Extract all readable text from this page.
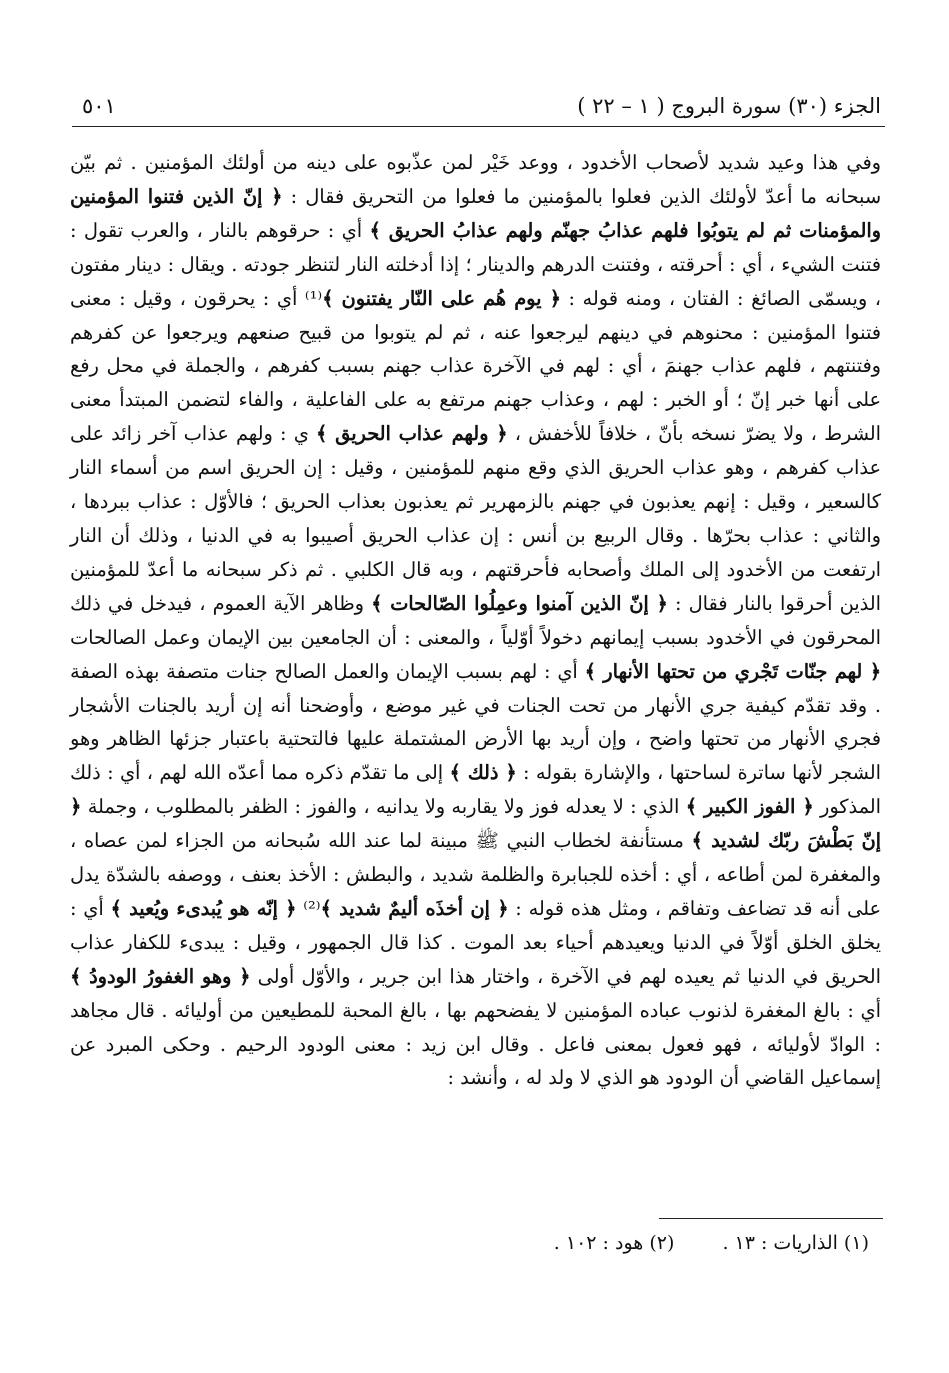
الجزء (٣٠) سورة البروج ( ١ – ٢٢ )
٥٠١

وفي هذا وعيد شديد لأصحاب الأخدود ، ووعد خَيْر لمن عذّبوه على دينه من أولئك المؤمنين . ثم بيّن سبحانه ما أعدّ لأولئك الذين فعلوا بالمؤمنين ما فعلوا من التحريق فقال : ﴿ إنّ الذين فتنوا المؤمنين والمؤمنات ثم لم يتوبُوا فلهم عذابُ جهنّم ولهم عذابُ الحريق ﴾ أي : حرقوهم بالنار ، والعرب تقول : فتنت الشيء ، أي : أحرقته ، وفتنت الدرهم والدينار ؛ إذا أدخلته النار لتنظر جودته . ويقال : دينار مفتون ، ويسمّى الصائغ : الفتان ، ومنه قوله : ﴿ يوم هُم على النّار يفتنون ﴾⁽¹⁾ أي : يحرقون ، وقيل : معنى فتنوا المؤمنين : محنوهم في دينهم ليرجعوا عنه ، ثم لم يتوبوا من قبيح صنعهم ويرجعوا عن كفرهم وفتنتهم ، فلهم عذاب جهنمَ ، أي : لهم في الآخرة عذاب جهنم بسبب كفرهم ، والجملة في محل رفع على أنها خبر إنّ ؛ أو الخبر : لهم ، وعذاب جهنم مرتفع به على الفاعلية ، والفاء لتضمن المبتدأ معنى الشرط ، ولا يضرّ نسخه بأنّ ، خلافاً للأخفش ، ﴿ ولهم عذاب الحريق ﴾ ي : ولهم عذاب آخر زائد على عذاب كفرهم ، وهو عذاب الحريق الذي وقع منهم للمؤمنين ، وقيل : إن الحريق اسم من أسماء النار كالسعير ، وقيل : إنهم يعذبون في جهنم بالزمهرير ثم يعذبون بعذاب الحريق ؛ فالأوّل : عذاب ببردها ، والثاني : عذاب بحرّها . وقال الربيع بن أنس : إن عذاب الحريق أصيبوا به في الدنيا ، وذلك أن النار ارتفعت من الأخدود إلى الملك وأصحابه فأحرقتهم ، وبه قال الكلبي . ثم ذكر سبحانه ما أعدّ للمؤمنين الذين أحرقوا بالنار فقال : ﴿ إنّ الذين آمنوا وعمِلُوا الصّالحات ﴾ وظاهر الآية العموم ، فيدخل في ذلك المحرقون في الأخدود بسبب إيمانهم دخولاً أوّلياً ، والمعنى : أن الجامعين بين الإيمان وعمل الصالحات ﴿ لهم جنّات تَجْري من تحتها الأنهار ﴾ أي : لهم بسبب الإيمان والعمل الصالح جنات متصفة بهذه الصفة . وقد تقدّم كيفية جري الأنهار من تحت الجنات في غير موضع ، وأوضحنا أنه إن أريد بالجنات الأشجار فجري الأنهار من تحتها واضح ، وإن أريد بها الأرض المشتملة عليها فالتحتية باعتبار جزئها الظاهر وهو الشجر لأنها ساترة لساحتها ، والإشارة بقوله : ﴿ ذلك ﴾ إلى ما تقدّم ذكره مما أعدّه الله لهم ، أي : ذلك المذكور ﴿ الفوز الكبير ﴾ الذي : لا يعدله فوز ولا يقاربه ولا يدانيه ، والفوز : الظفر بالمطلوب ، وجملة ﴿ إنّ بَطْشَ ربّك لشديد ﴾ مستأنفة لخطاب النبي ﷺ مبينة لما عند الله سُبحانه من الجزاء لمن عصاه ، والمغفرة لمن أطاعه ، أي : أخذه للجبابرة والظلمة شديد ، والبطش : الأخذ بعنف ، ووصفه بالشدّة يدل على أنه قد تضاعف وتفاقم ، ومثل هذه قوله : ﴿ إن أخذَه أليمٌ شديد ﴾⁽²⁾ ﴿ إنّه هو يُبدىء ويُعيد ﴾ أي : يخلق الخلق أوّلاً في الدنيا ويعيدهم أحياء بعد الموت . كذا قال الجمهور ، وقيل : يبدىء للكفار عذاب الحريق في الدنيا ثم يعيده لهم في الآخرة ، واختار هذا ابن جرير ، والأوّل أولى ﴿ وهو الغفورُ الودودُ ﴾ أي : بالغ المغفرة لذنوب عباده المؤمنين لا يفضحهم بها ، بالغ المحبة للمطيعين من أوليائه . قال مجاهد : الوادّ لأوليائه ، فهو فعول بمعنى فاعل . وقال ابن زيد : معنى الودود الرحيم . وحكى المبرد عن إسماعيل القاضي أن الودود هو الذي لا ولد له ، وأنشد :

(١) الذاريات : ١٣ . (٢) هود : ١٠٢ .
